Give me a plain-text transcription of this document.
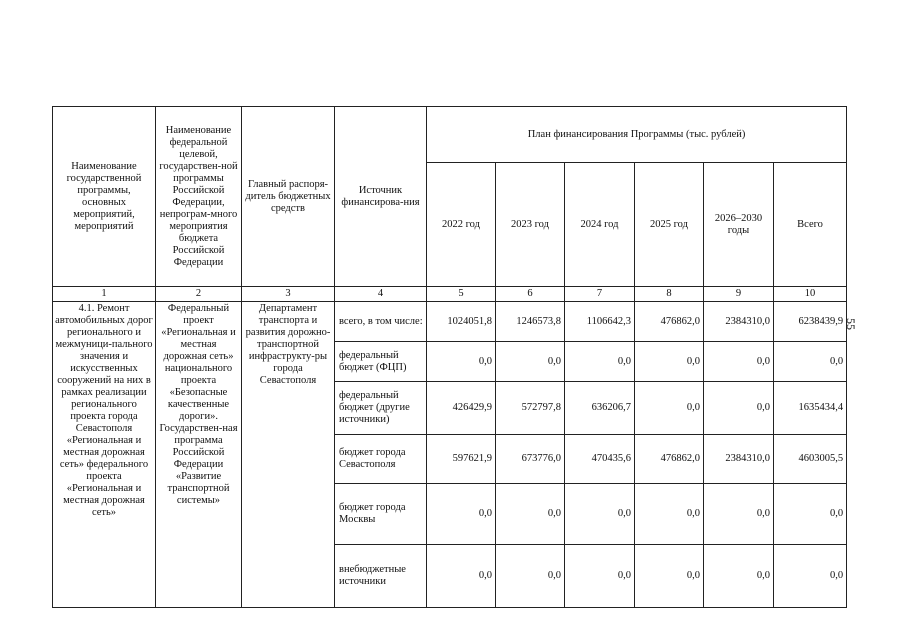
55
Наименование государственной программы, основных мероприятий, мероприятий	Наименование федеральной целевой, государствен-ной программы Российской Федерации, непрограм-много мероприятия бюджета Российской Федерации	Главный распоря-дитель бюджетных средств	Источник финансирова-ния	План финансирования Программы (тыс. рублей)					
				2022 год	2023 год	2024 год	2025 год	2026–2030 годы	Всего
1	2	3	4	5	6	7	8	9	10
4.1. Ремонт автомобильных дорог регионального и межмуници-пального значения и искусственных сооружений на них в рамках реализации регионального проекта города Севастополя «Региональная и местная дорожная сеть» федерального проекта «Региональная и местная дорожная сеть»	Федеральный проект «Региональная и местная дорожная сеть» национального проекта «Безопасные качественные дороги». Государствен-ная программа Российской Федерации «Развитие транспортной системы»	Департамент транспорта и развития дорожно-транспортной инфраструкту-ры города Севастополя	всего, в том числе:	1024051,8	1246573,8	1106642,3	476862,0	2384310,0	6238439,9
			федеральный бюджет (ФЦП)	0,0	0,0	0,0	0,0	0,0	0,0
			федеральный бюджет (другие источники)	426429,9	572797,8	636206,7	0,0	0,0	1635434,4
			бюджет города Севастополя	597621,9	673776,0	470435,6	476862,0	2384310,0	4603005,5
			бюджет города Москвы	0,0	0,0	0,0	0,0	0,0	0,0
			внебюджетные источники	0,0	0,0	0,0	0,0	0,0	0,0
